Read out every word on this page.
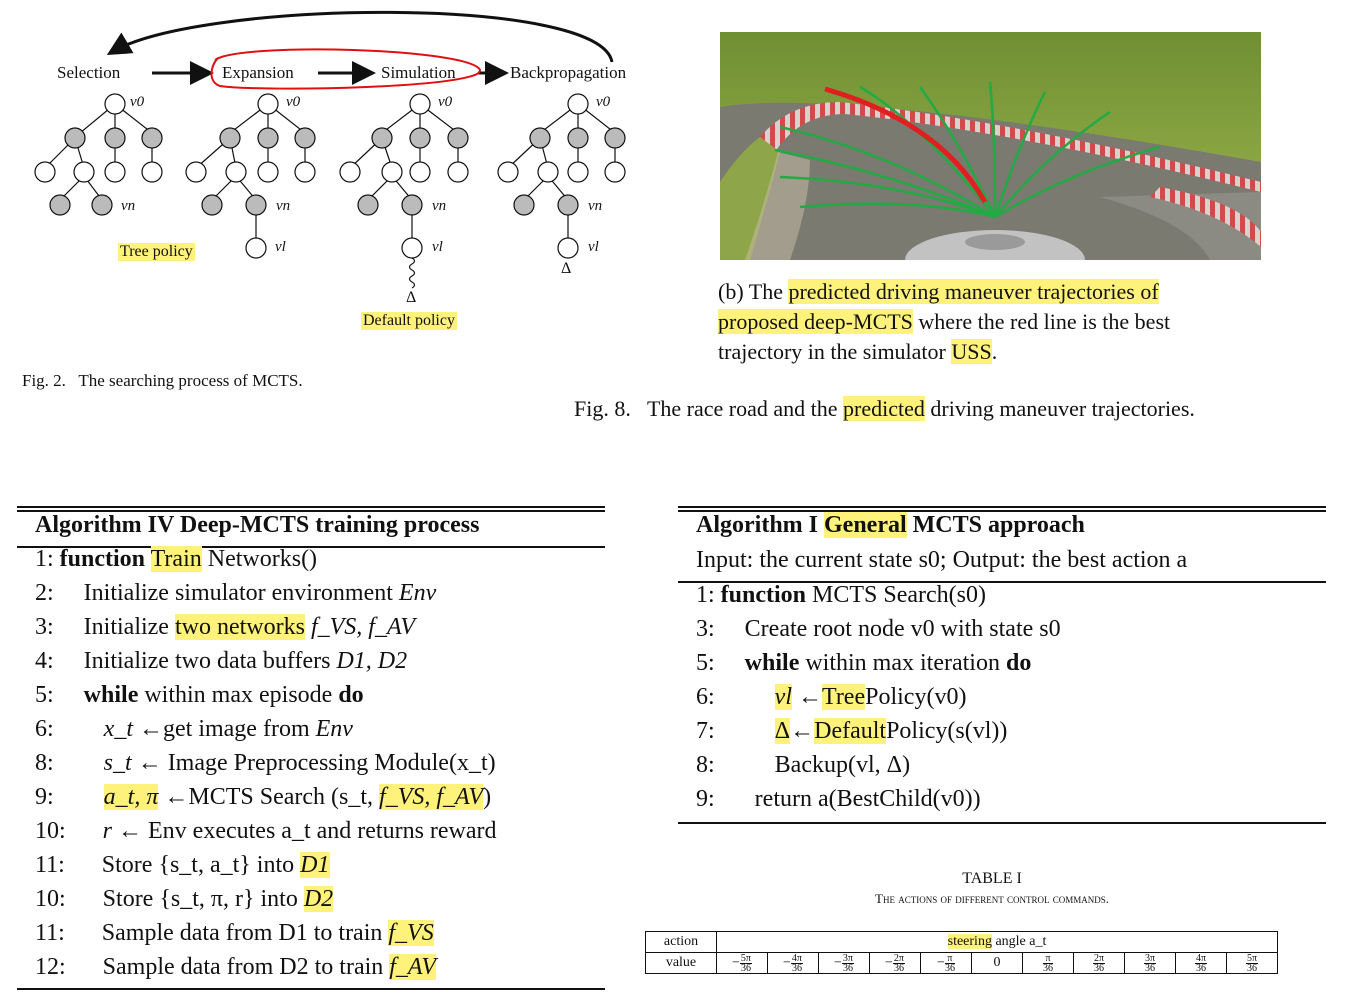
Selection	Expansion	Simulation	Backpropagation
v0	v0	v0	v0
vn	vn	vn	vn
vl	vl	vl
Δ
Δ
Tree policy
Default policy
Fig. 2.   The searching process of MCTS.
(b) The predicted driving maneuver trajectories of
proposed deep-MCTS where the red line is the best
trajectory in the simulator USS.
Fig. 8.   The race road and the predicted driving maneuver trajectories.
Algorithm IV Deep-MCTS training process
1: function Train Networks()
2: Initialize simulator environment Env
3: Initialize two networks f_VS, f_AV
4: Initialize two data buffers D1, D2
5: while within max episode do
6: x_t ←get image from Env
8: s_t ← Image Preprocessing Module(x_t)
9: a_t, π ←MCTS Search (s_t, f_VS, f_AV)
10: r ← Env executes a_t and returns reward
11: Store {s_t, a_t} into D1
10: Store {s_t, π, r} into D2
11: Sample data from D1 to train f_VS
12: Sample data from D2 to train f_AV
Algorithm I General MCTS approach
Input: the current state s0; Output: the best action a
1: function MCTS Search(s0)
3: Create root node v0 with state s0
5: while within max iteration do
6:	vl ←TreePolicy(v0)
7:	Δ←DefaultPolicy(s(vl))
8:	Backup(vl, Δ)
9: return a(BestChild(v0))
TABLE I
The actions of different control commands.
action	steering angle a_t										
value	− $\frac{5\pi}{36}$	− $\frac{4\pi}{36}$	− $\frac{3\pi}{36}$	− $\frac{2\pi}{36}$	− $\frac{\pi}{36}$	0	$\frac{\pi}{36}$	$\frac{2\pi}{36}$	$\frac{3\pi}{36}$	$\frac{4\pi}{36}$	$\frac{5\pi}{36}$
